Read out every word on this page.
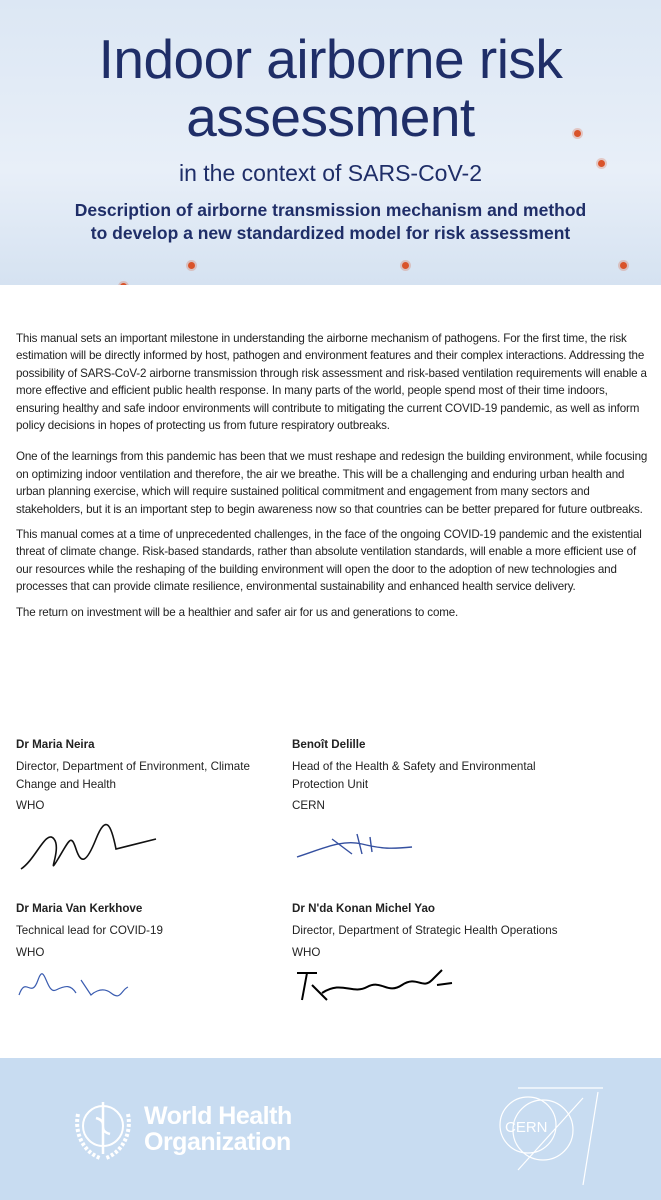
Indoor airborne risk
assessment
in the context of SARS-CoV-2
Description of airborne transmission mechanism and method
to develop a new standardized model for risk assessment

This manual sets an important milestone in understanding the airborne mechanism of pathogens. For the first time, the risk estimation will be directly informed by host, pathogen and environment features and their complex interactions. Addressing the possibility of SARS-CoV-2 airborne transmission through risk assessment and risk-based ventilation requirements will enable a more effective and efficient public health response. In many parts of the world, people spend most of their time indoors, ensuring healthy and safe indoor environments will contribute to mitigating the current COVID-19 pandemic, as well as inform policy decisions in hopes of protecting us from future respiratory outbreaks.

One of the learnings from this pandemic has been that we must reshape and redesign the building environment, while focusing on optimizing indoor ventilation and therefore, the air we breathe. This will be a challenging and enduring urban health and urban planning exercise, which will require sustained political commitment and engagement from many sectors and stakeholders, but it is an important step to begin awareness now so that countries can be better prepared for future outbreaks.

This manual comes at a time of unprecedented challenges, in the face of the ongoing COVID-19 pandemic and the existential threat of climate change. Risk-based standards, rather than absolute ventilation standards, will enable a more efficient use of our resources while the reshaping of the building environment will open the door to the adoption of new technologies and processes that can provide climate resilience, environmental sustainability and enhanced health service delivery.

The return on investment will be a healthier and safer air for us and generations to come.

Dr Maria Neira
Director, Department of Environment, Climate Change and Health
WHO
Benoît Delille
Head of the Health & Safety and Environmental Protection Unit
CERN
Dr Maria Van Kerkhove
Technical lead for COVID-19
WHO
Dr N'da Konan Michel Yao
Director, Department of Strategic Health Operations
WHO
World Health
Organization
CERN
